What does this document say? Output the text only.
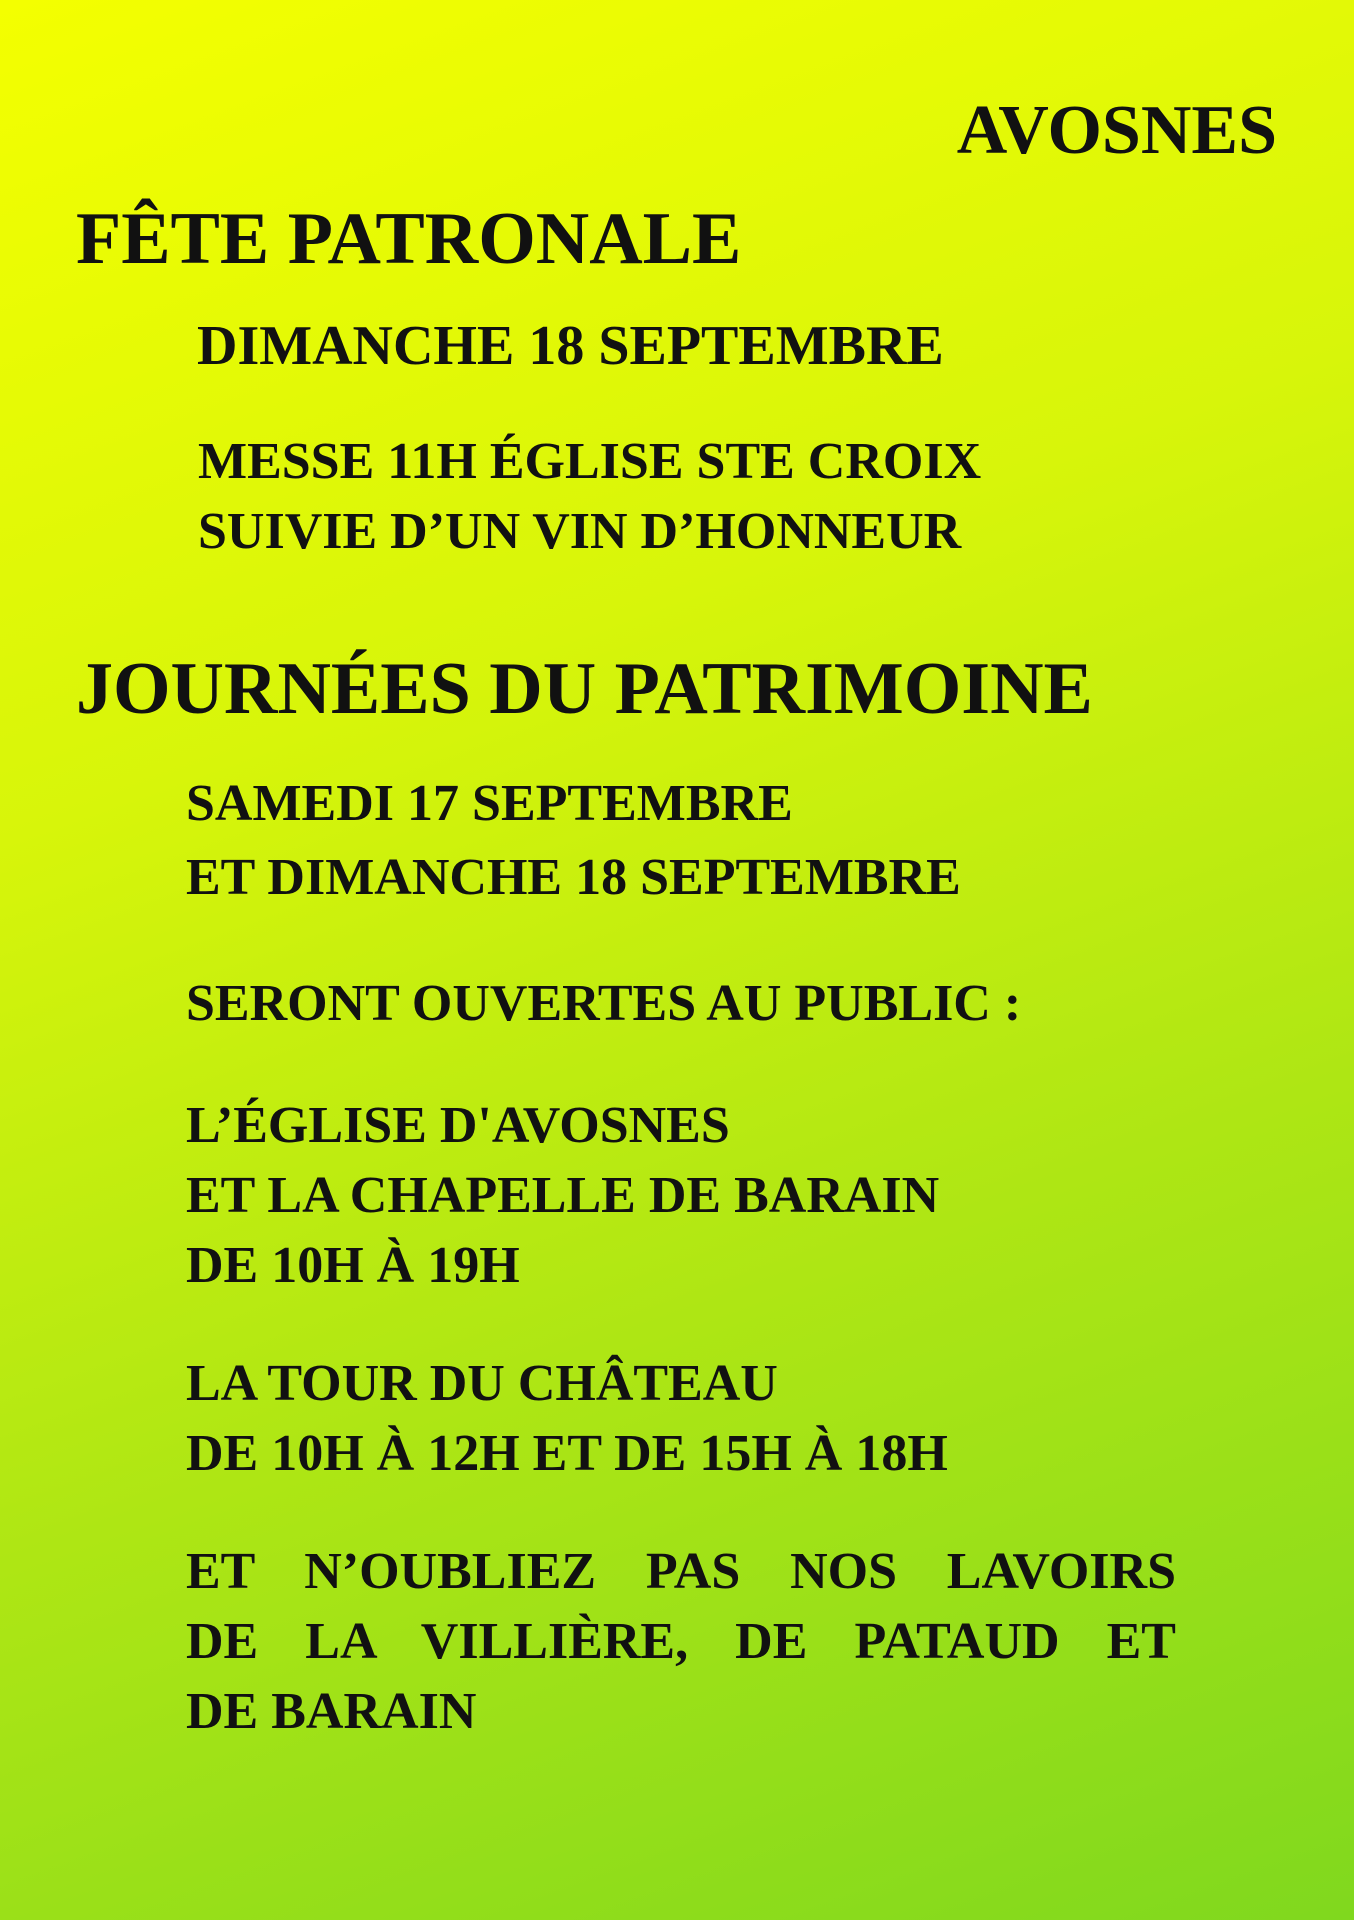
AVOSNES
FÊTE PATRONALE
DIMANCHE 18 SEPTEMBRE
MESSE 11H ÉGLISE STE CROIX
SUIVIE D’UN VIN D’HONNEUR
JOURNÉES DU PATRIMOINE
SAMEDI 17 SEPTEMBRE
ET DIMANCHE 18 SEPTEMBRE
SERONT OUVERTES AU PUBLIC :
L’ÉGLISE D'AVOSNES
ET LA CHAPELLE DE BARAIN
DE 10H À 19H
LA TOUR DU CHÂTEAU
DE 10H À 12H ET DE 15H À 18H
ET N’OUBLIEZ PAS NOS LAVOIRS
DE LA VILLIÈRE, DE PATAUD ET
DE BARAIN
